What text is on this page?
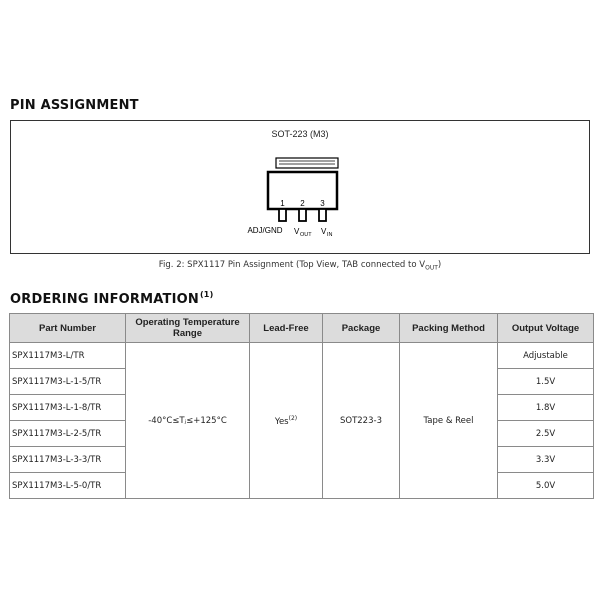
PIN ASSIGNMENT
SOT-223 (M3)
1 2 3
ADJ/GND V OUT V IN
Fig. 2: SPX1117 Pin Assignment (Top View, TAB connected to $V_{OUT}$)
ORDERING INFORMATION$^{(1)}$
Part Number	Operating Temperature Range	Lead-Free	Package	Packing Method	Output Voltage
SPX1117M3-L/TR	-40°C≤Tⱼ≤+125°C	Yes$^{(2)}$	SOT223-3	Tape & Reel	Adjustable
SPX1117M3-L-1-5/TR					1.5V
SPX1117M3-L-1-8/TR					1.8V
SPX1117M3-L-2-5/TR					2.5V
SPX1117M3-L-3-3/TR					3.3V
SPX1117M3-L-5-0/TR					5.0V
